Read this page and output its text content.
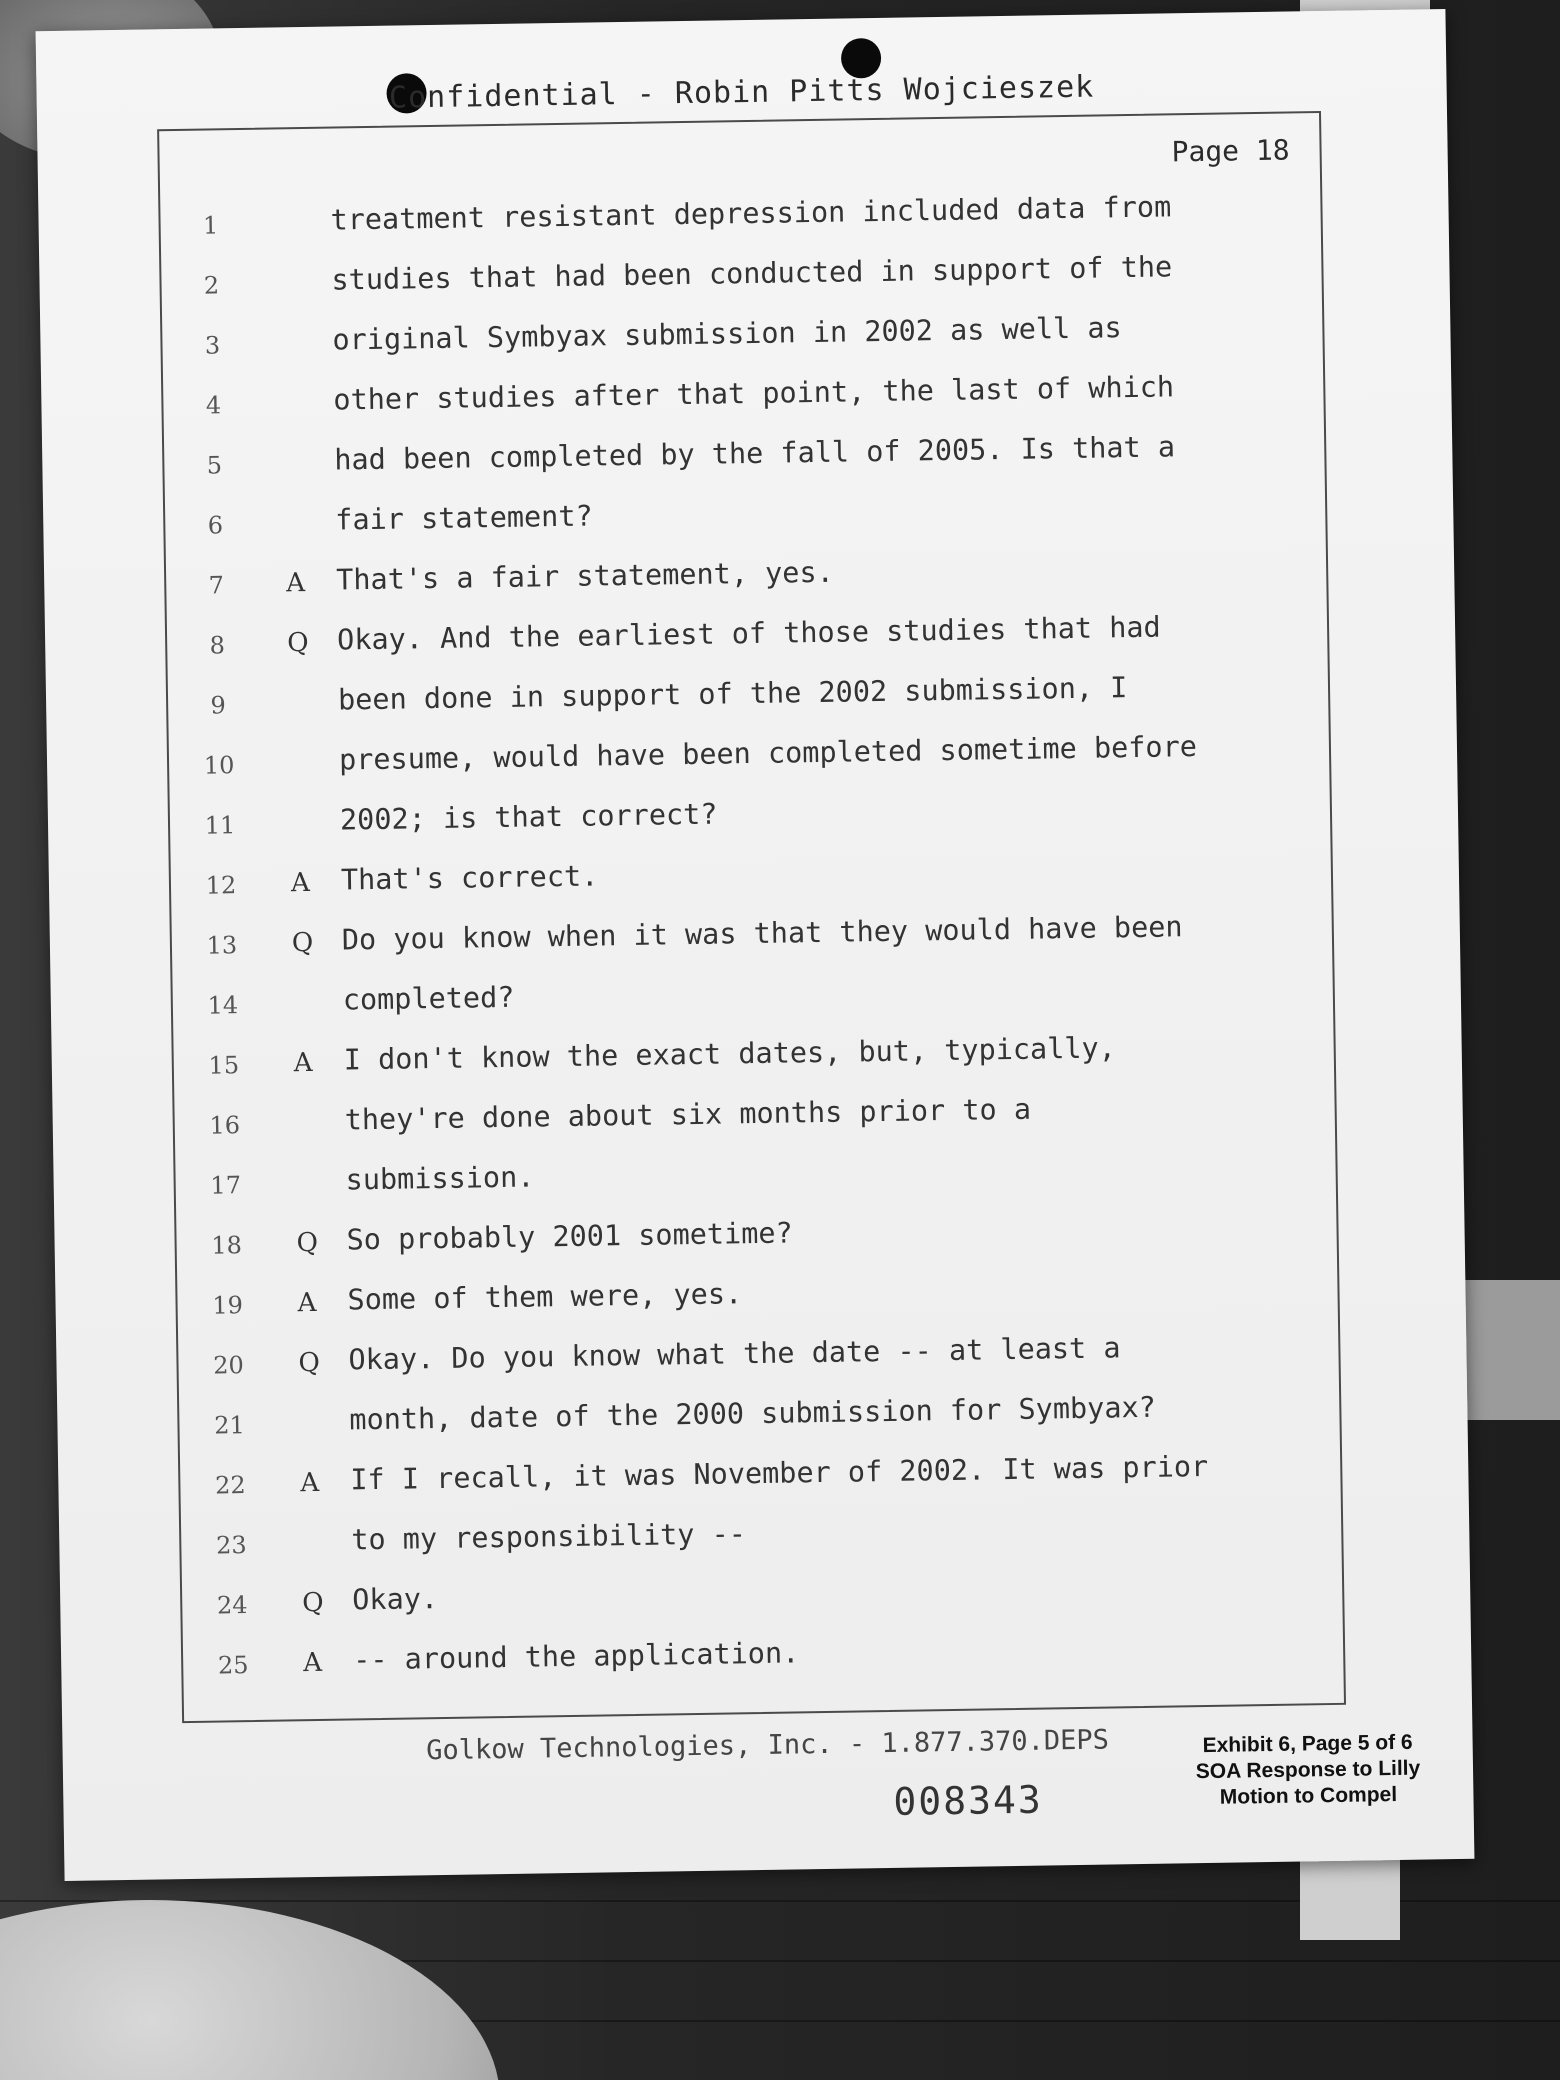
Confidential - Robin Pitts Wojcieszek
Page 18
1	treatment resistant depression included data from
2	studies that had been conducted in support of the
3	original Symbyax submission in 2002 as well as
4	other studies after that point, the last of which
5	had been completed by the fall of 2005. Is that a
6	fair statement?
7	A That's a fair statement, yes.
8	Q Okay. And the earliest of those studies that had
9	been done in support of the 2002 submission, I
10	presume, would have been completed sometime before
11	2002; is that correct?
12	A That's correct.
13	Q Do you know when it was that they would have been
14	completed?
15	A I don't know the exact dates, but, typically,
16	they're done about six months prior to a
17	submission.
18	Q So probably 2001 sometime?
19	A Some of them were, yes.
20	Q Okay. Do you know what the date -- at least a
21	month, date of the 2000 submission for Symbyax?
22	A If I recall, it was November of 2002. It was prior
23	to my responsibility --
24	Q Okay.
25	A -- around the application.
Golkow Technologies, Inc. - 1.877.370.DEPS
008343
Exhibit 6, Page 5 of 6
SOA Response to Lilly
Motion to Compel
